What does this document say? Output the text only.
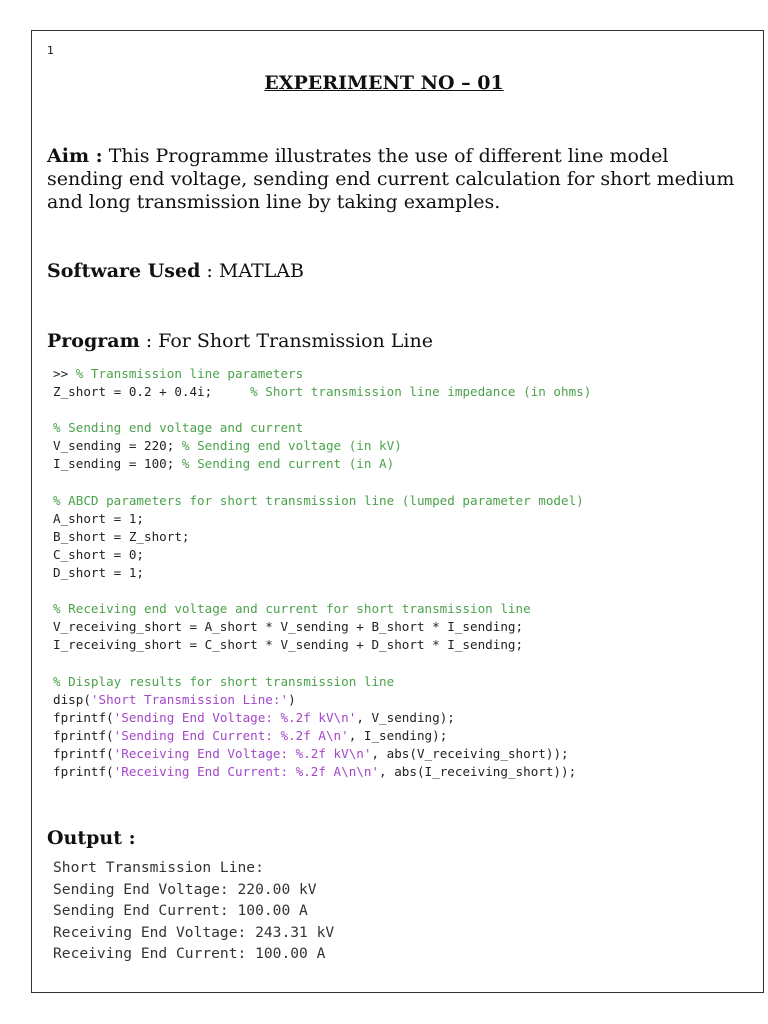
1
EXPERIMENT NO – 01
Aim : This Programme illustrates the use of different line model sending end voltage, sending end current calculation for short medium and long transmission line by taking examples.
Software Used : MATLAB
Program : For Short Transmission Line
>> % Transmission line parameters
Z_short = 0.2 + 0.4i;     % Short transmission line impedance (in ohms)

% Sending end voltage and current
V_sending = 220; % Sending end voltage (in kV)
I_sending = 100; % Sending end current (in A)

% ABCD parameters for short transmission line (lumped parameter model)
A_short = 1;
B_short = Z_short;
C_short = 0;
D_short = 1;

% Receiving end voltage and current for short transmission line
V_receiving_short = A_short * V_sending + B_short * I_sending;
I_receiving_short = C_short * V_sending + D_short * I_sending;

% Display results for short transmission line
disp('Short Transmission Line:')
fprintf('Sending End Voltage: %.2f kV\n', V_sending);
fprintf('Sending End Current: %.2f A\n', I_sending);
fprintf('Receiving End Voltage: %.2f kV\n', abs(V_receiving_short));
fprintf('Receiving End Current: %.2f A\n\n', abs(I_receiving_short));
Output :
Short Transmission Line:
Sending End Voltage: 220.00 kV
Sending End Current: 100.00 A
Receiving End Voltage: 243.31 kV
Receiving End Current: 100.00 A
